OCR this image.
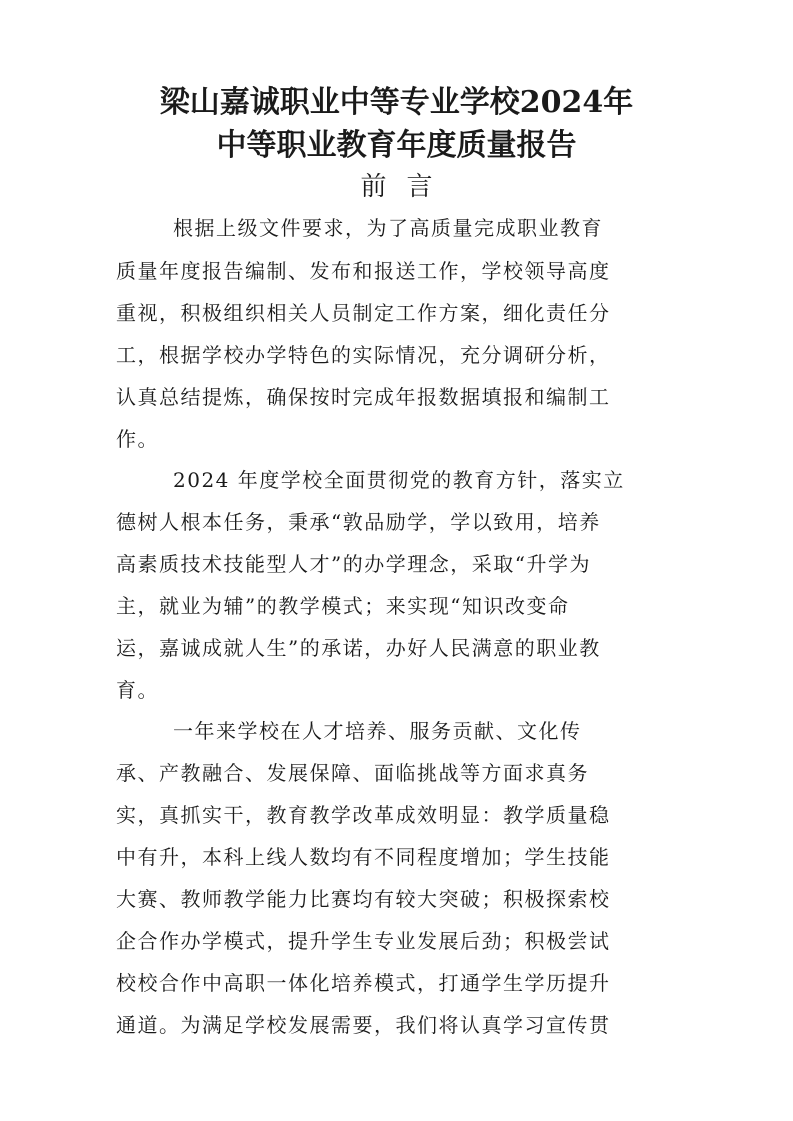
梁山嘉诚职业中等专业学校2024年
中等职业教育年度质量报告
前言
根据上级文件要求，为了高质量完成职业教育
质量年度报告编制、发布和报送工作，学校领导高度
重视，积极组织相关人员制定工作方案，细化责任分
工，根据学校办学特色的实际情况，充分调研分析，
认真总结提炼，确保按时完成年报数据填报和编制工
作。
2024 年度学校全面贯彻党的教育方针，落实立
德树人根本任务，秉承“敦品励学，学以致用，培养
高素质技术技能型人才”的办学理念，采取“升学为
主，就业为辅”的教学模式；来实现“知识改变命
运，嘉诚成就人生”的承诺，办好人民满意的职业教
育。
一年来学校在人才培养、服务贡献、文化传
承、产教融合、发展保障、面临挑战等方面求真务
实，真抓实干，教育教学改革成效明显：教学质量稳
中有升，本科上线人数均有不同程度增加；学生技能
大赛、教师教学能力比赛均有较大突破；积极探索校
企合作办学模式，提升学生专业发展后劲；积极尝试
校校合作中高职一体化培养模式，打通学生学历提升
通道。为满足学校发展需要，我们将认真学习宣传贯
